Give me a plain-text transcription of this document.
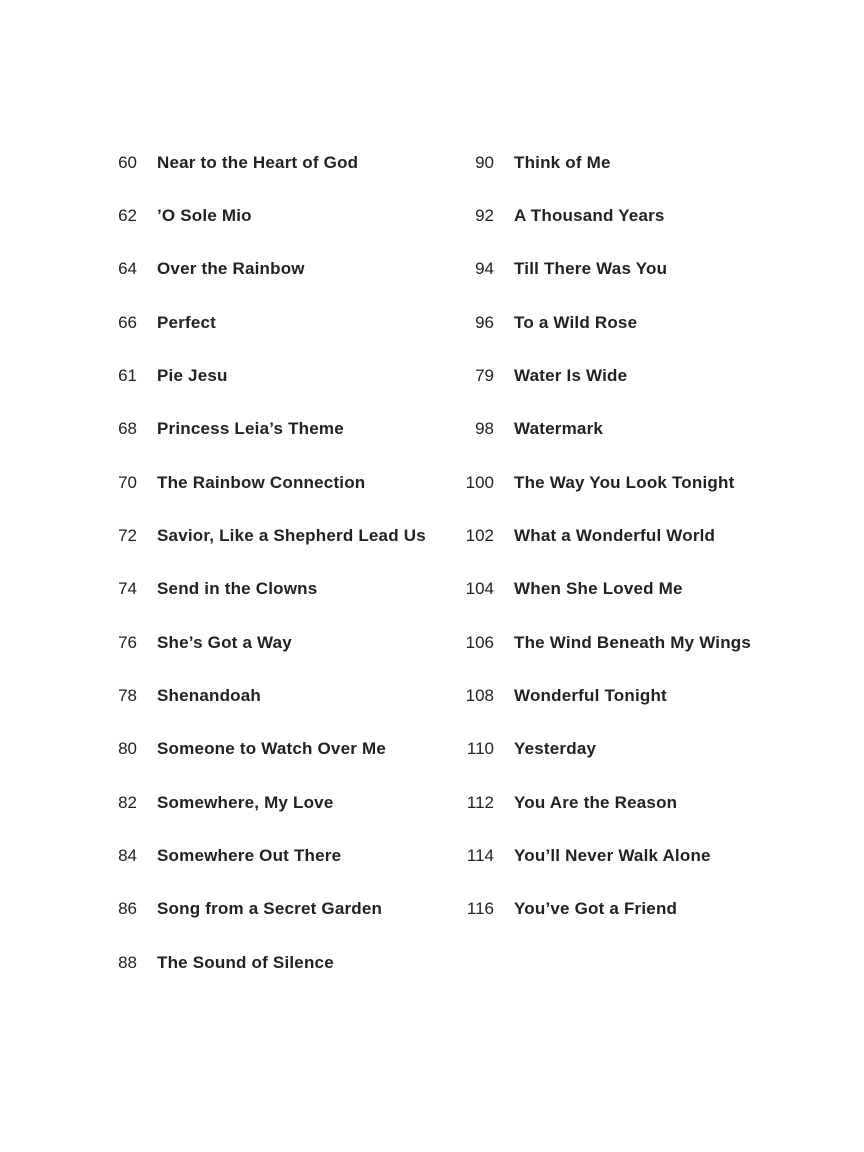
60 Near to the Heart of God
62 ’O Sole Mio
64 Over the Rainbow
66 Perfect
61 Pie Jesu
68 Princess Leia’s Theme
70 The Rainbow Connection
72 Savior, Like a Shepherd Lead Us
74 Send in the Clowns
76 She’s Got a Way
78 Shenandoah
80 Someone to Watch Over Me
82 Somewhere, My Love
84 Somewhere Out There
86 Song from a Secret Garden
88 The Sound of Silence
90 Think of Me
92 A Thousand Years
94 Till There Was You
96 To a Wild Rose
79 Water Is Wide
98 Watermark
100 The Way You Look Tonight
102 What a Wonderful World
104 When She Loved Me
106 The Wind Beneath My Wings
108 Wonderful Tonight
110 Yesterday
112 You Are the Reason
114 You’ll Never Walk Alone
116 You’ve Got a Friend
